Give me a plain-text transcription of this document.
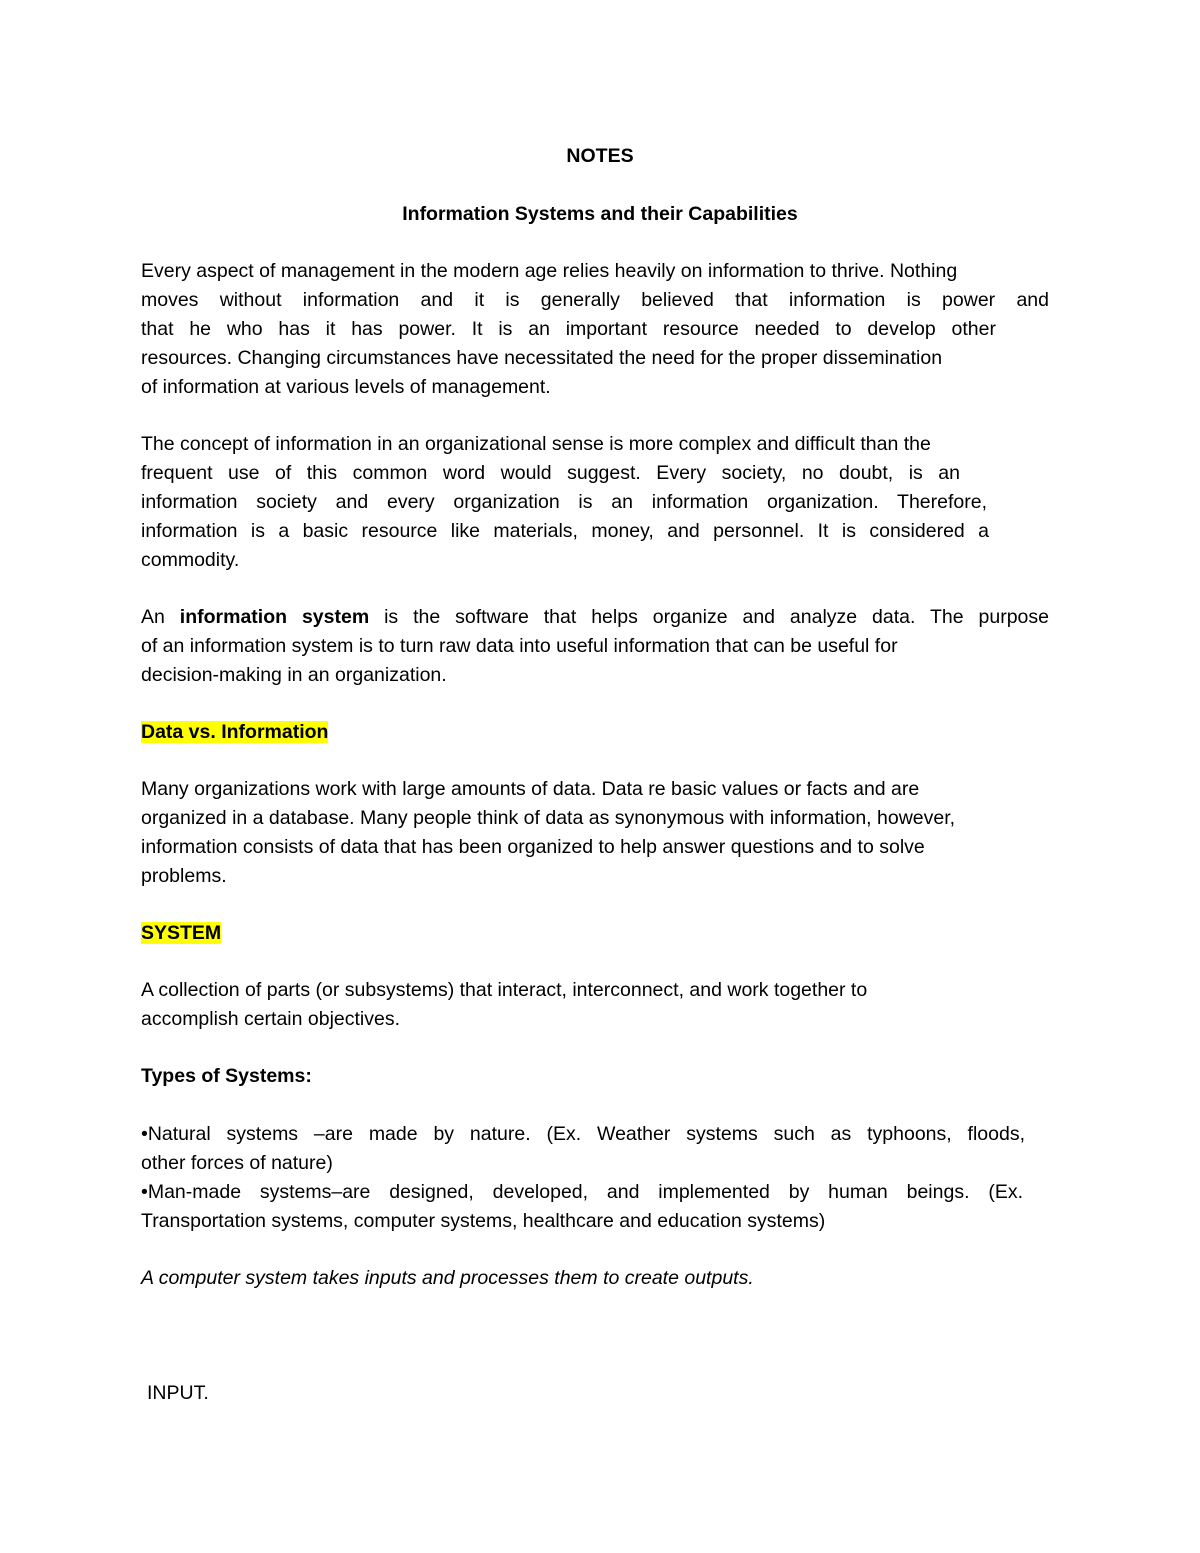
NOTES
Information Systems and their Capabilities
Every aspect of management in the modern age relies heavily on information to thrive. Nothing
moves without information and it is generally believed that information is power and
that he who has it has power. It is an important resource needed to develop other
resources. Changing circumstances have necessitated the need for the proper dissemination
of information at various levels of management.
The concept of information in an organizational sense is more complex and difficult than the
frequent use of this common word would suggest. Every society, no doubt, is an
information society and every organization is an information organization. Therefore,
information is a basic resource like materials, money, and personnel. It is considered a
commodity.
An information system is the software that helps organize and analyze data. The purpose
of an information system is to turn raw data into useful information that can be useful for
decision-making in an organization.
Data vs. Information
Many organizations work with large amounts of data. Data re basic values or facts and are
organized in a database. Many people think of data as synonymous with information, however,
information consists of data that has been organized to help answer questions and to solve
problems.
SYSTEM
A collection of parts (or subsystems) that interact, interconnect, and work together to
accomplish certain objectives.
Types of Systems:
•Natural systems –are made by nature. (Ex. Weather systems such as typhoons, floods,
other forces of nature)
•Man-made systems–are designed, developed, and implemented by human beings. (Ex.
Transportation systems, computer systems, healthcare and education systems)
A computer system takes inputs and processes them to create outputs.
INPUT.
